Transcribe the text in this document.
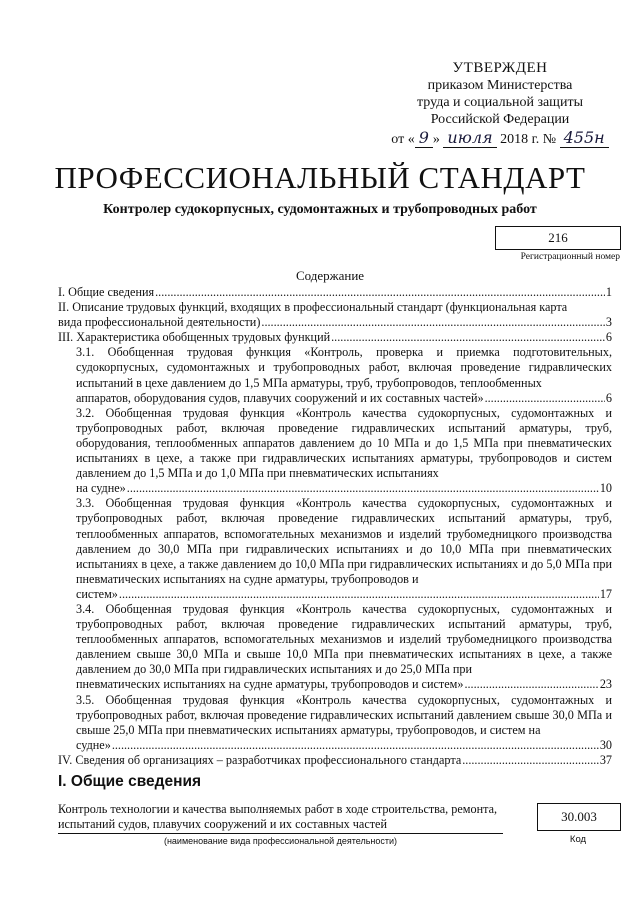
УТВЕРЖДЕН
приказом Министерства
труда и социальной защиты
Российской Федерации
от « 9 » июля 2018 г. № 455н
ПРОФЕССИОНАЛЬНЫЙ СТАНДАРТ
Контролер судокорпусных, судомонтажных и трубопроводных работ
216
Регистрационный номер
Содержание
I. Общие сведения .....	1
II. Описание трудовых функций, входящих в профессиональный стандарт (функциональная карта
вида профессиональной деятельности) .....	3
III. Характеристика обобщенных трудовых функций .....	6
3.1. Обобщенная трудовая функция «Контроль, проверка и приемка подготовительных, судокорпусных, судомонтажных и трубопроводных работ, включая проведение гидравлических испытаний в цехе давлением до 1,5 МПа арматуры, труб, трубопроводов, теплообменных
аппаратов, оборудования судов, плавучих сооружений и их составных частей» .....	6
3.2. Обобщенная трудовая функция «Контроль качества судокорпусных, судомонтажных и трубопроводных работ, включая проведение гидравлических испытаний арматуры, труб, оборудования, теплообменных аппаратов давлением до 10 МПа и до 1,5 МПа при пневматических испытаниях в цехе, а также при гидравлических испытаниях арматуры, трубопроводов и систем давлением до 1,5 МПа и до 1,0 МПа при пневматических испытаниях
на судне» .....	10
3.3. Обобщенная трудовая функция «Контроль качества судокорпусных, судомонтажных и трубопроводных работ, включая проведение гидравлических испытаний арматуры, труб, теплообменных аппаратов, вспомогательных механизмов и изделий трубомедницкого производства давлением до 30,0 МПа при гидравлических испытаниях и до 10,0 МПа при пневматических испытаниях в цехе, а также давлением до 10,0 МПа при гидравлических испытаниях и до 5,0 МПа при пневматических испытаниях на судне арматуры, трубопроводов и
систем» .....	17
3.4. Обобщенная трудовая функция «Контроль качества судокорпусных, судомонтажных и трубопроводных работ, включая проведение гидравлических испытаний арматуры, труб, теплообменных аппаратов, вспомогательных механизмов и изделий трубомедницкого производства давлением свыше 30,0 МПа и свыше 10,0 МПа при пневматических испытаниях в цехе, а также давлением до 30,0 МПа при гидравлических испытаниях и до 25,0 МПа при
пневматических испытаниях на судне арматуры, трубопроводов и систем» .....	23
3.5. Обобщенная трудовая функция «Контроль качества судокорпусных, судомонтажных и трубопроводных работ, включая проведение гидравлических испытаний давлением свыше 30,0 МПа и свыше 25,0 МПа при пневматических испытаниях арматуры, трубопроводов, и систем на
судне» .....	30
IV. Сведения об организациях – разработчиках профессионального стандарта .....	37
I. Общие сведения
Контроль технологии и качества выполняемых работ в ходе строительства, ремонта, испытаний судов, плавучих сооружений и их составных частей
(наименование вида профессиональной деятельности)
30.003
Код
